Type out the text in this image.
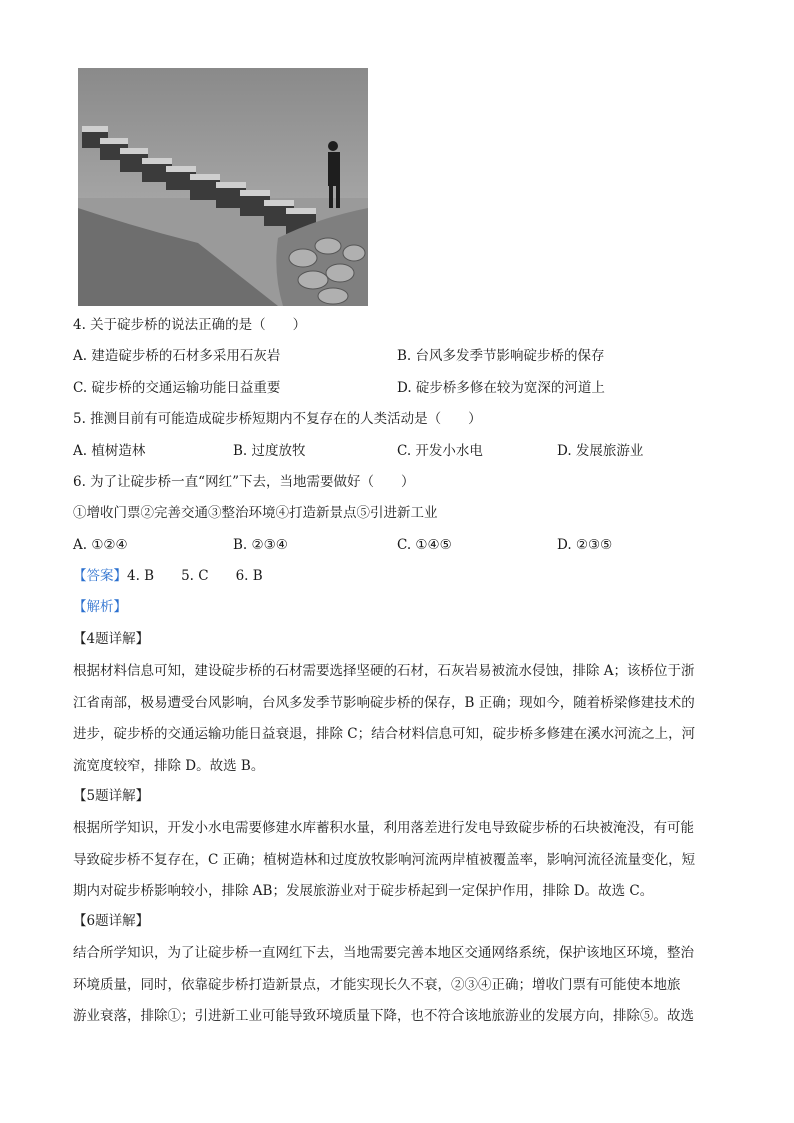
4. 关于碇步桥的说法正确的是（　　）
A. 建造碇步桥的石材多采用石灰岩	B. 台风多发季节影响碇步桥的保存
C. 碇步桥的交通运输功能日益重要	D. 碇步桥多修在较为宽深的河道上
5. 推测目前有可能造成碇步桥短期内不复存在的人类活动是（　　）
A. 植树造林	B. 过度放牧	C. 开发小水电	D. 发展旅游业
6. 为了让碇步桥一直“网红”下去，当地需要做好（　　）
①增收门票②完善交通③整治环境④打造新景点⑤引进新工业
A. ①②④	B. ②③④	C. ①④⑤	D. ②③⑤
【答案】4. B　　5. C　　6. B
【解析】
【4题详解】
根据材料信息可知，建设碇步桥的石材需要选择坚硬的石材，石灰岩易被流水侵蚀，排除 A；该桥位于浙
江省南部，极易遭受台风影响，台风多发季节影响碇步桥的保存，B 正确；现如今，随着桥梁修建技术的
进步，碇步桥的交通运输功能日益衰退，排除 C；结合材料信息可知，碇步桥多修建在溪水河流之上，河
流宽度较窄，排除 D。故选 B。
【5题详解】
根据所学知识，开发小水电需要修建水库蓄积水量，利用落差进行发电导致碇步桥的石块被淹没，有可能
导致碇步桥不复存在，C 正确；植树造林和过度放牧影响河流两岸植被覆盖率，影响河流径流量变化，短
期内对碇步桥影响较小，排除 AB；发展旅游业对于碇步桥起到一定保护作用，排除 D。故选 C。
【6题详解】
结合所学知识，为了让碇步桥一直网红下去，当地需要完善本地区交通网络系统，保护该地区环境，整治
环境质量，同时，依靠碇步桥打造新景点，才能实现长久不衰，②③④正确；增收门票有可能使本地旅
游业衰落，排除①；引进新工业可能导致环境质量下降，也不符合该地旅游业的发展方向，排除⑤。故选
